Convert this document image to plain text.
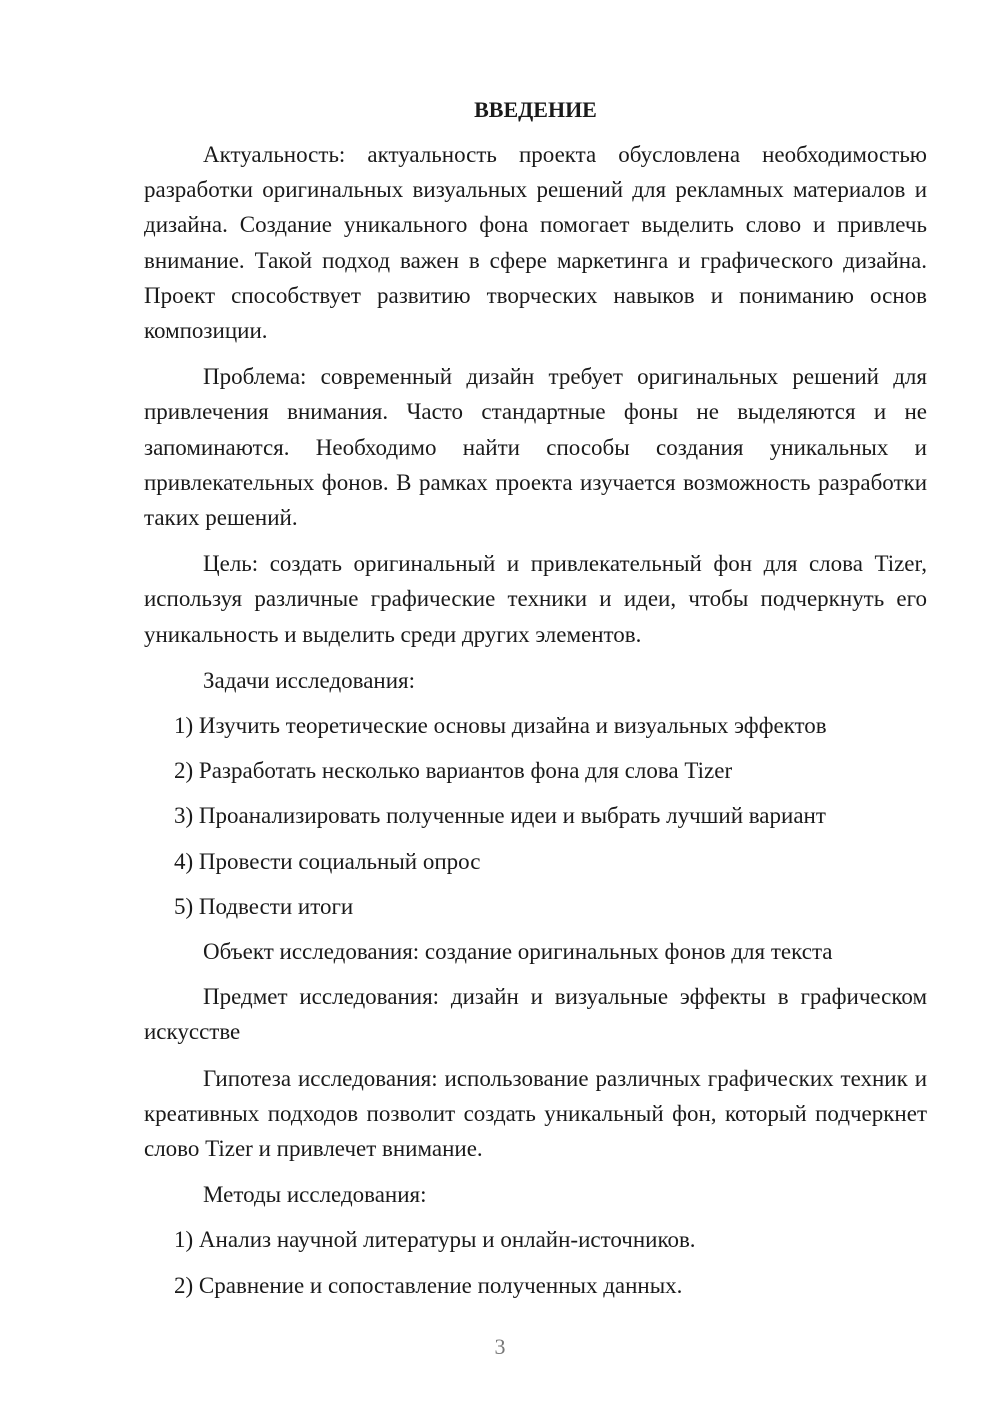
ВВЕДЕНИЕ

Актуальность: актуальность проекта обусловлена необходимостью разработки оригинальных визуальных решений для рекламных материалов и дизайна. Создание уникального фона помогает выделить слово и привлечь внимание. Такой подход важен в сфере маркетинга и графического дизайна. Проект способствует развитию творческих навыков и пониманию основ композиции.

Проблема: современный дизайн требует оригинальных решений для привлечения внимания. Часто стандартные фоны не выделяются и не запоминаются. Необходимо найти способы создания уникальных и привлекательных фонов. В рамках проекта изучается возможность разработки таких решений.

Цель: создать оригинальный и привлекательный фон для слова Tizer, используя различные графические техники и идеи, чтобы подчеркнуть его уникальность и выделить среди других элементов.

Задачи исследования:

1) Изучить теоретические основы дизайна и визуальных эффектов

2) Разработать несколько вариантов фона для слова Tizer

3) Проанализировать полученные идеи и выбрать лучший вариант

4) Провести социальный опрос

5) Подвести итоги

Объект исследования: создание оригинальных фонов для текста

Предмет исследования: дизайн и визуальные эффекты в графическом искусстве

Гипотеза исследования: использование различных графических техник и креативных подходов позволит создать уникальный фон, который подчеркнет слово Tizer и привлечет внимание.

Методы исследования:

1) Анализ научной литературы и онлайн-источников.

2) Сравнение и сопоставление полученных данных.

3
